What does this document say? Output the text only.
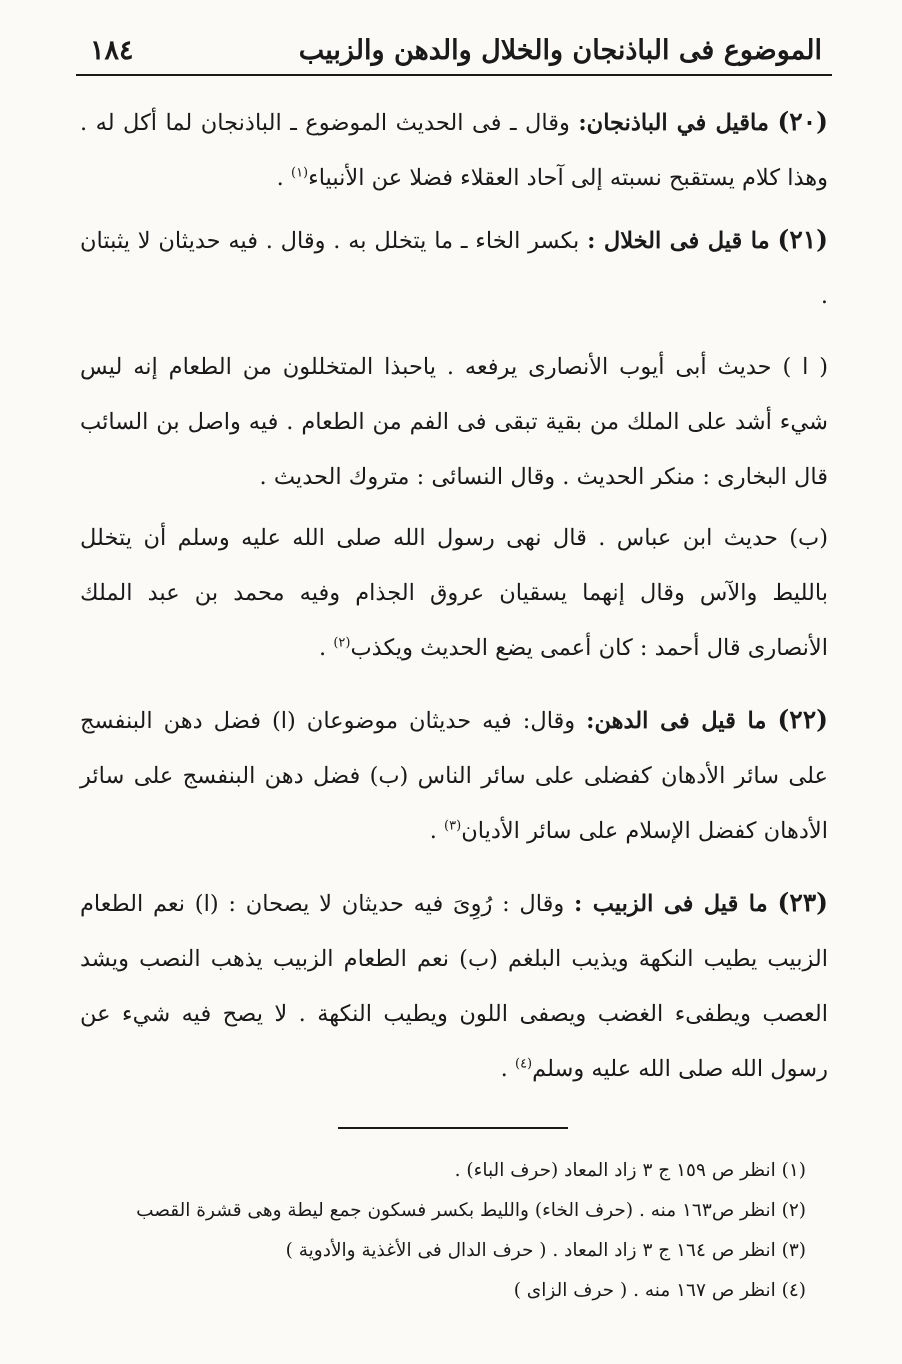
الموضوع فى الباذنجان والخلال والدهن والزبيب
١٨٤

(٢٠) ماقيل في الباذنجان: وقال ـ فى الحديث الموضوع ـ الباذنجان لما أكل له . وهذا كلام يستقبح نسبته إلى آحاد العقلاء فضلا عن الأنبياء$^{(١)}$ .

(٢١) ما قيل فى الخلال : بكسر الخاء ـ ما يتخلل به . وقال . فيه حديثان لا يثبتان .

( ا ) حديث أبى أيوب الأنصارى يرفعه . ياحبذا المتخللون من الطعام إنه ليس شيء أشد على الملك من بقية تبقى فى الفم من الطعام . فيه واصل بن السائب قال البخارى : منكر الحديث . وقال النسائى : متروك الحديث .

(ب) حديث ابن عباس . قال نهى رسول الله صلى الله عليه وسلم أن يتخلل بالليط والآس وقال إنهما يسقيان عروق الجذام وفيه محمد بن عبد الملك الأنصارى قال أحمد : كان أعمى يضع الحديث ويكذب$^{(٢)}$ .

(٢٢) ما قيل فى الدهن: وقال: فيه حديثان موضوعان (ا) فضل دهن البنفسج على سائر الأدهان كفضلى على سائر الناس (ب) فضل دهن البنفسج على سائر الأدهان كفضل الإسلام على سائر الأديان$^{(٣)}$ .

(٢٣) ما قيل فى الزبيب : وقال : رُوِىَ فيه حديثان لا يصحان : (ا) نعم الطعام الزبيب يطيب النكهة ويذيب البلغم (ب) نعم الطعام الزبيب يذهب النصب ويشد العصب ويطفىء الغضب ويصفى اللون ويطيب النكهة . لا يصح فيه شيء عن رسول الله صلى الله عليه وسلم$^{(٤)}$ .

(١) انظر ص ١٥٩ ج ٣ زاد المعاد (حرف الباء) .

(٢) انظر ص١٦٣ منه . (حرف الخاء) والليط بكسر فسكون جمع ليطة وهى قشرة القصب

(٣) انظر ص ١٦٤ ج ٣ زاد المعاد . ( حرف الدال فى الأغذية والأدوية )

(٤) انظر ص ١٦٧ منه . ( حرف الزاى )
